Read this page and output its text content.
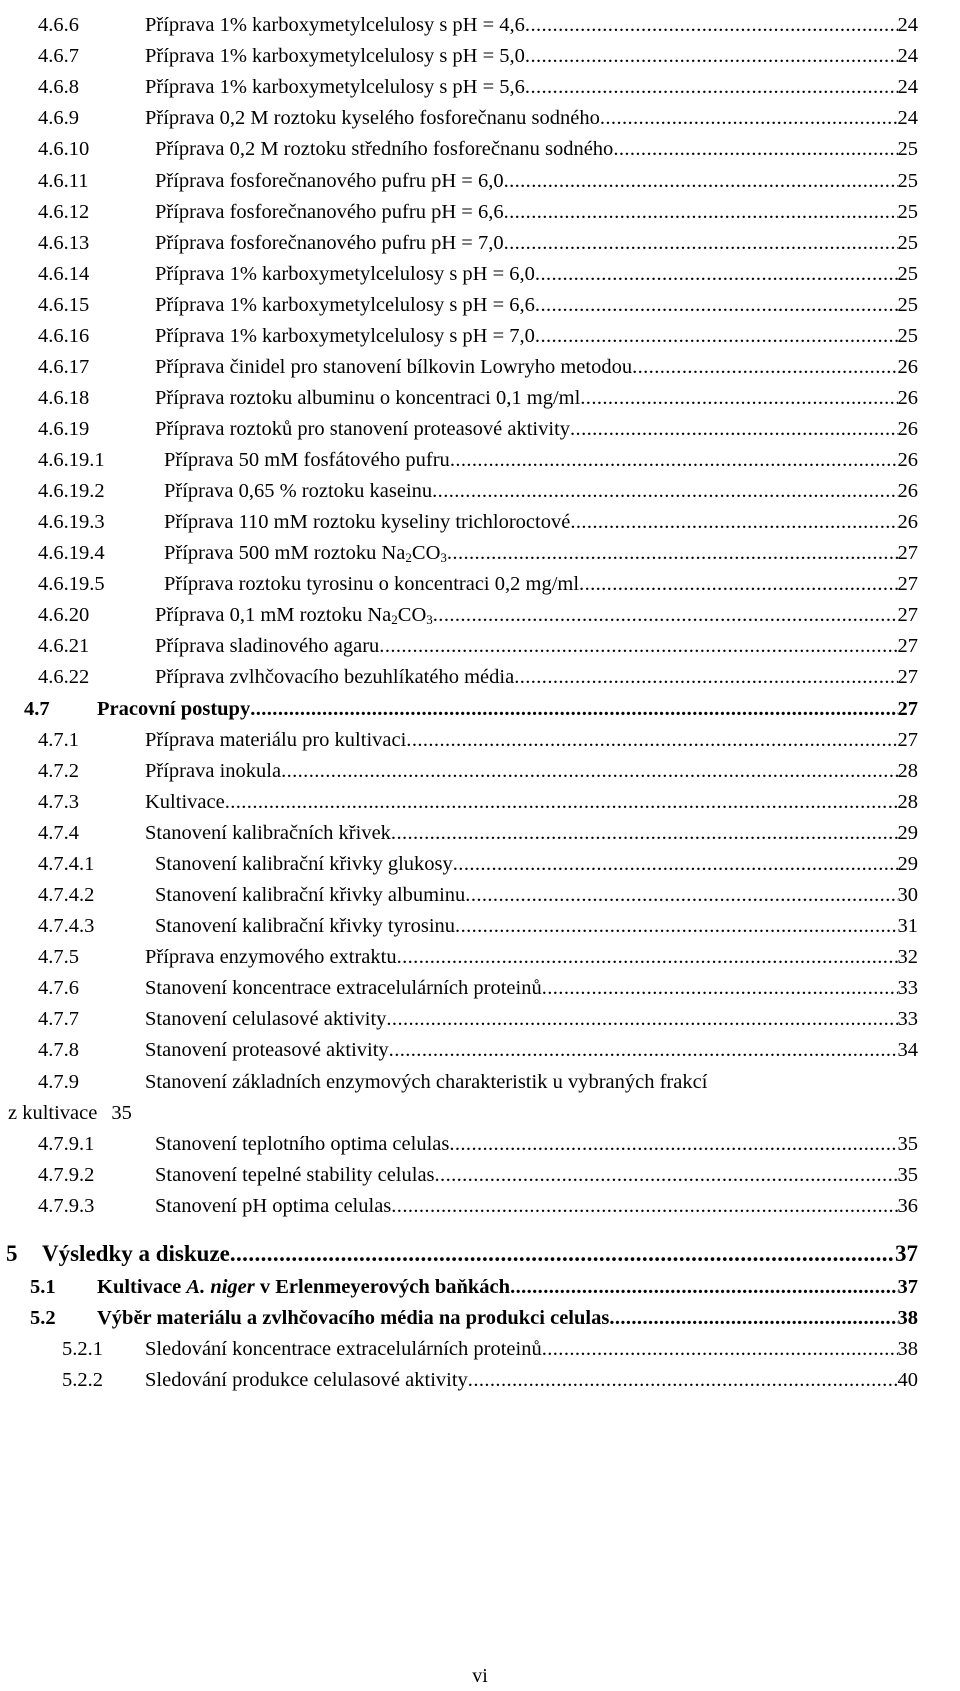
4.6.6	Příprava 1% karboxymetylcelulosy s pH = 4,6 .....	24
4.6.7	Příprava 1% karboxymetylcelulosy s pH = 5,0 .....	24
4.6.8	Příprava 1% karboxymetylcelulosy s pH = 5,6 .....	24
4.6.9	Příprava 0,2 M roztoku kyselého fosforečnanu sodného .....	24
4.6.10	Příprava 0,2 M roztoku středního fosforečnanu sodného .....	25
4.6.11	Příprava fosforečnanového pufru pH = 6,0 .....	25
4.6.12	Příprava fosforečnanového pufru pH = 6,6 .....	25
4.6.13	Příprava fosforečnanového pufru pH = 7,0 .....	25
4.6.14	Příprava 1% karboxymetylcelulosy s pH = 6,0 .....	25
4.6.15	Příprava 1% karboxymetylcelulosy s pH = 6,6 .....	25
4.6.16	Příprava 1% karboxymetylcelulosy s pH = 7,0 .....	25
4.6.17	Příprava činidel pro stanovení bílkovin Lowryho metodou .....	26
4.6.18	Příprava roztoku albuminu o koncentraci 0,1 mg/ml .....	26
4.6.19	Příprava roztoků pro stanovení proteasové aktivity .....	26
4.6.19.1	Příprava 50 mM fosfátového pufru .....	26
4.6.19.2	Příprava 0,65 % roztoku kaseinu .....	26
4.6.19.3	Příprava 110 mM roztoku kyseliny trichloroctové .....	26
4.6.19.4	Příprava 500 mM roztoku $Na_2CO_3$ .....	27
4.6.19.5	Příprava roztoku tyrosinu o koncentraci 0,2 mg/ml .....	27
4.6.20	Příprava 0,1 mM roztoku $Na_2CO_3$ .....	27
4.6.21	Příprava sladinového agaru .....	27
4.6.22	Příprava zvlhčovacího bezuhlíkatého média .....	27
4.7	Pracovní postupy .....	27
4.7.1	Příprava materiálu pro kultivaci .....	27
4.7.2	Příprava inokula .....	28
4.7.3	Kultivace .....	28
4.7.4	Stanovení kalibračních křivek .....	29
4.7.4.1	Stanovení kalibrační křivky glukosy .....	29
4.7.4.2	Stanovení kalibrační křivky albuminu .....	30
4.7.4.3	Stanovení kalibrační křivky tyrosinu .....	31
4.7.5	Příprava enzymového extraktu .....	32
4.7.6	Stanovení koncentrace extracelulárních proteinů .....	33
4.7.7	Stanovení celulasové aktivity .....	33
4.7.8	Stanovení proteasové aktivity .....	34
4.7.9	Stanovení základních enzymových charakteristik u vybraných frakcí
z kultivace 35
4.7.9.1	Stanovení teplotního optima celulas .....	35
4.7.9.2	Stanovení tepelné stability celulas .....	35
4.7.9.3	Stanovení pH optima celulas .....	36
5	Výsledky a diskuze .....	37
5.1	Kultivace A. niger v Erlenmeyerových baňkách .....	37
5.2	Výběr materiálu a zvlhčovacího média na produkci celulas .....	38
5.2.1	Sledování koncentrace extracelulárních proteinů .....	38
5.2.2	Sledování produkce celulasové aktivity .....	40
vi
